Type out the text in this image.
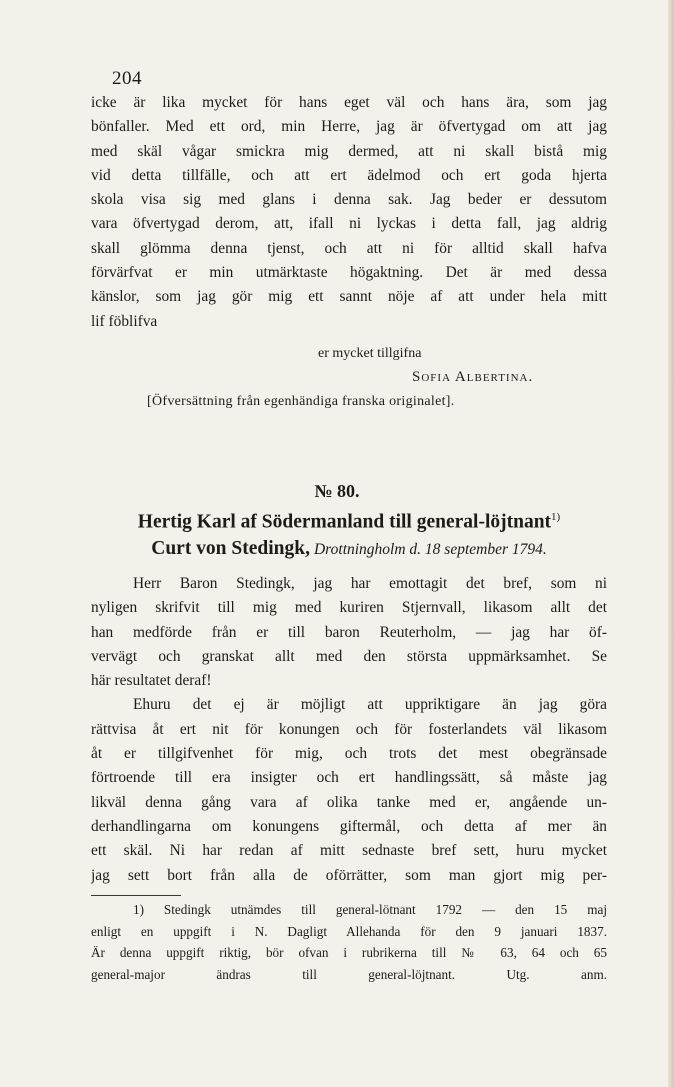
204
icke är lika mycket för hans eget väl och hans ära, som jag
bönfaller. Med ett ord, min Herre, jag är öfvertygad om att jag
med skäl vågar smickra mig dermed, att ni skall bistå mig
vid detta tillfälle, och att ert ädelmod och ert goda hjerta
skola visa sig med glans i denna sak. Jag beder er dessutom
vara öfvertygad derom, att, ifall ni lyckas i detta fall, jag aldrig
skall glömma denna tjenst, och att ni för alltid skall hafva
förvärfvat er min utmärktaste högaktning. Det är med dessa
känslor, som jag gör mig ett sannt nöje af att under hela mitt
lif föblifva
er mycket tillgifna
Sofia Albertina.
[Öfversättning från egenhändiga franska originalet].
№ 80.
Hertig Karl af Södermanland till general-löjtnant$^{1)}$
Curt von Stedingk, Drottningholm d. 18 september 1794.
Herr Baron Stedingk, jag har emottagit det bref, som ni
nyligen skrifvit till mig med kuriren Stjernvall, likasom allt det
han medförde från er till baron Reuterholm, — jag har öf-
vervägt och granskat allt med den största uppmärksamhet. Se
här resultatet deraf!
Ehuru det ej är möjligt att uppriktigare än jag göra
rättvisa åt ert nit för konungen och för fosterlandets väl likasom
åt er tillgifvenhet för mig, och trots det mest obegränsade
förtroende till era insigter och ert handlingssätt, så måste jag
likväl denna gång vara af olika tanke med er, angående un-
derhandlingarna om konungens giftermål, och detta af mer än
ett skäl. Ni har redan af mitt sednaste bref sett, huru mycket
jag sett bort från alla de oförrätter, som man gjort mig per-
1) Stedingk utnämdes till general-lötnant 1792 — den 15 maj
enligt en uppgift i N. Dagligt Allehanda för den 9 januari 1837.
Är denna uppgift riktig, bör ofvan i rubrikerna till № 63, 64 och 65
general-major ändras till general-löjtnant. Utg. anm.
